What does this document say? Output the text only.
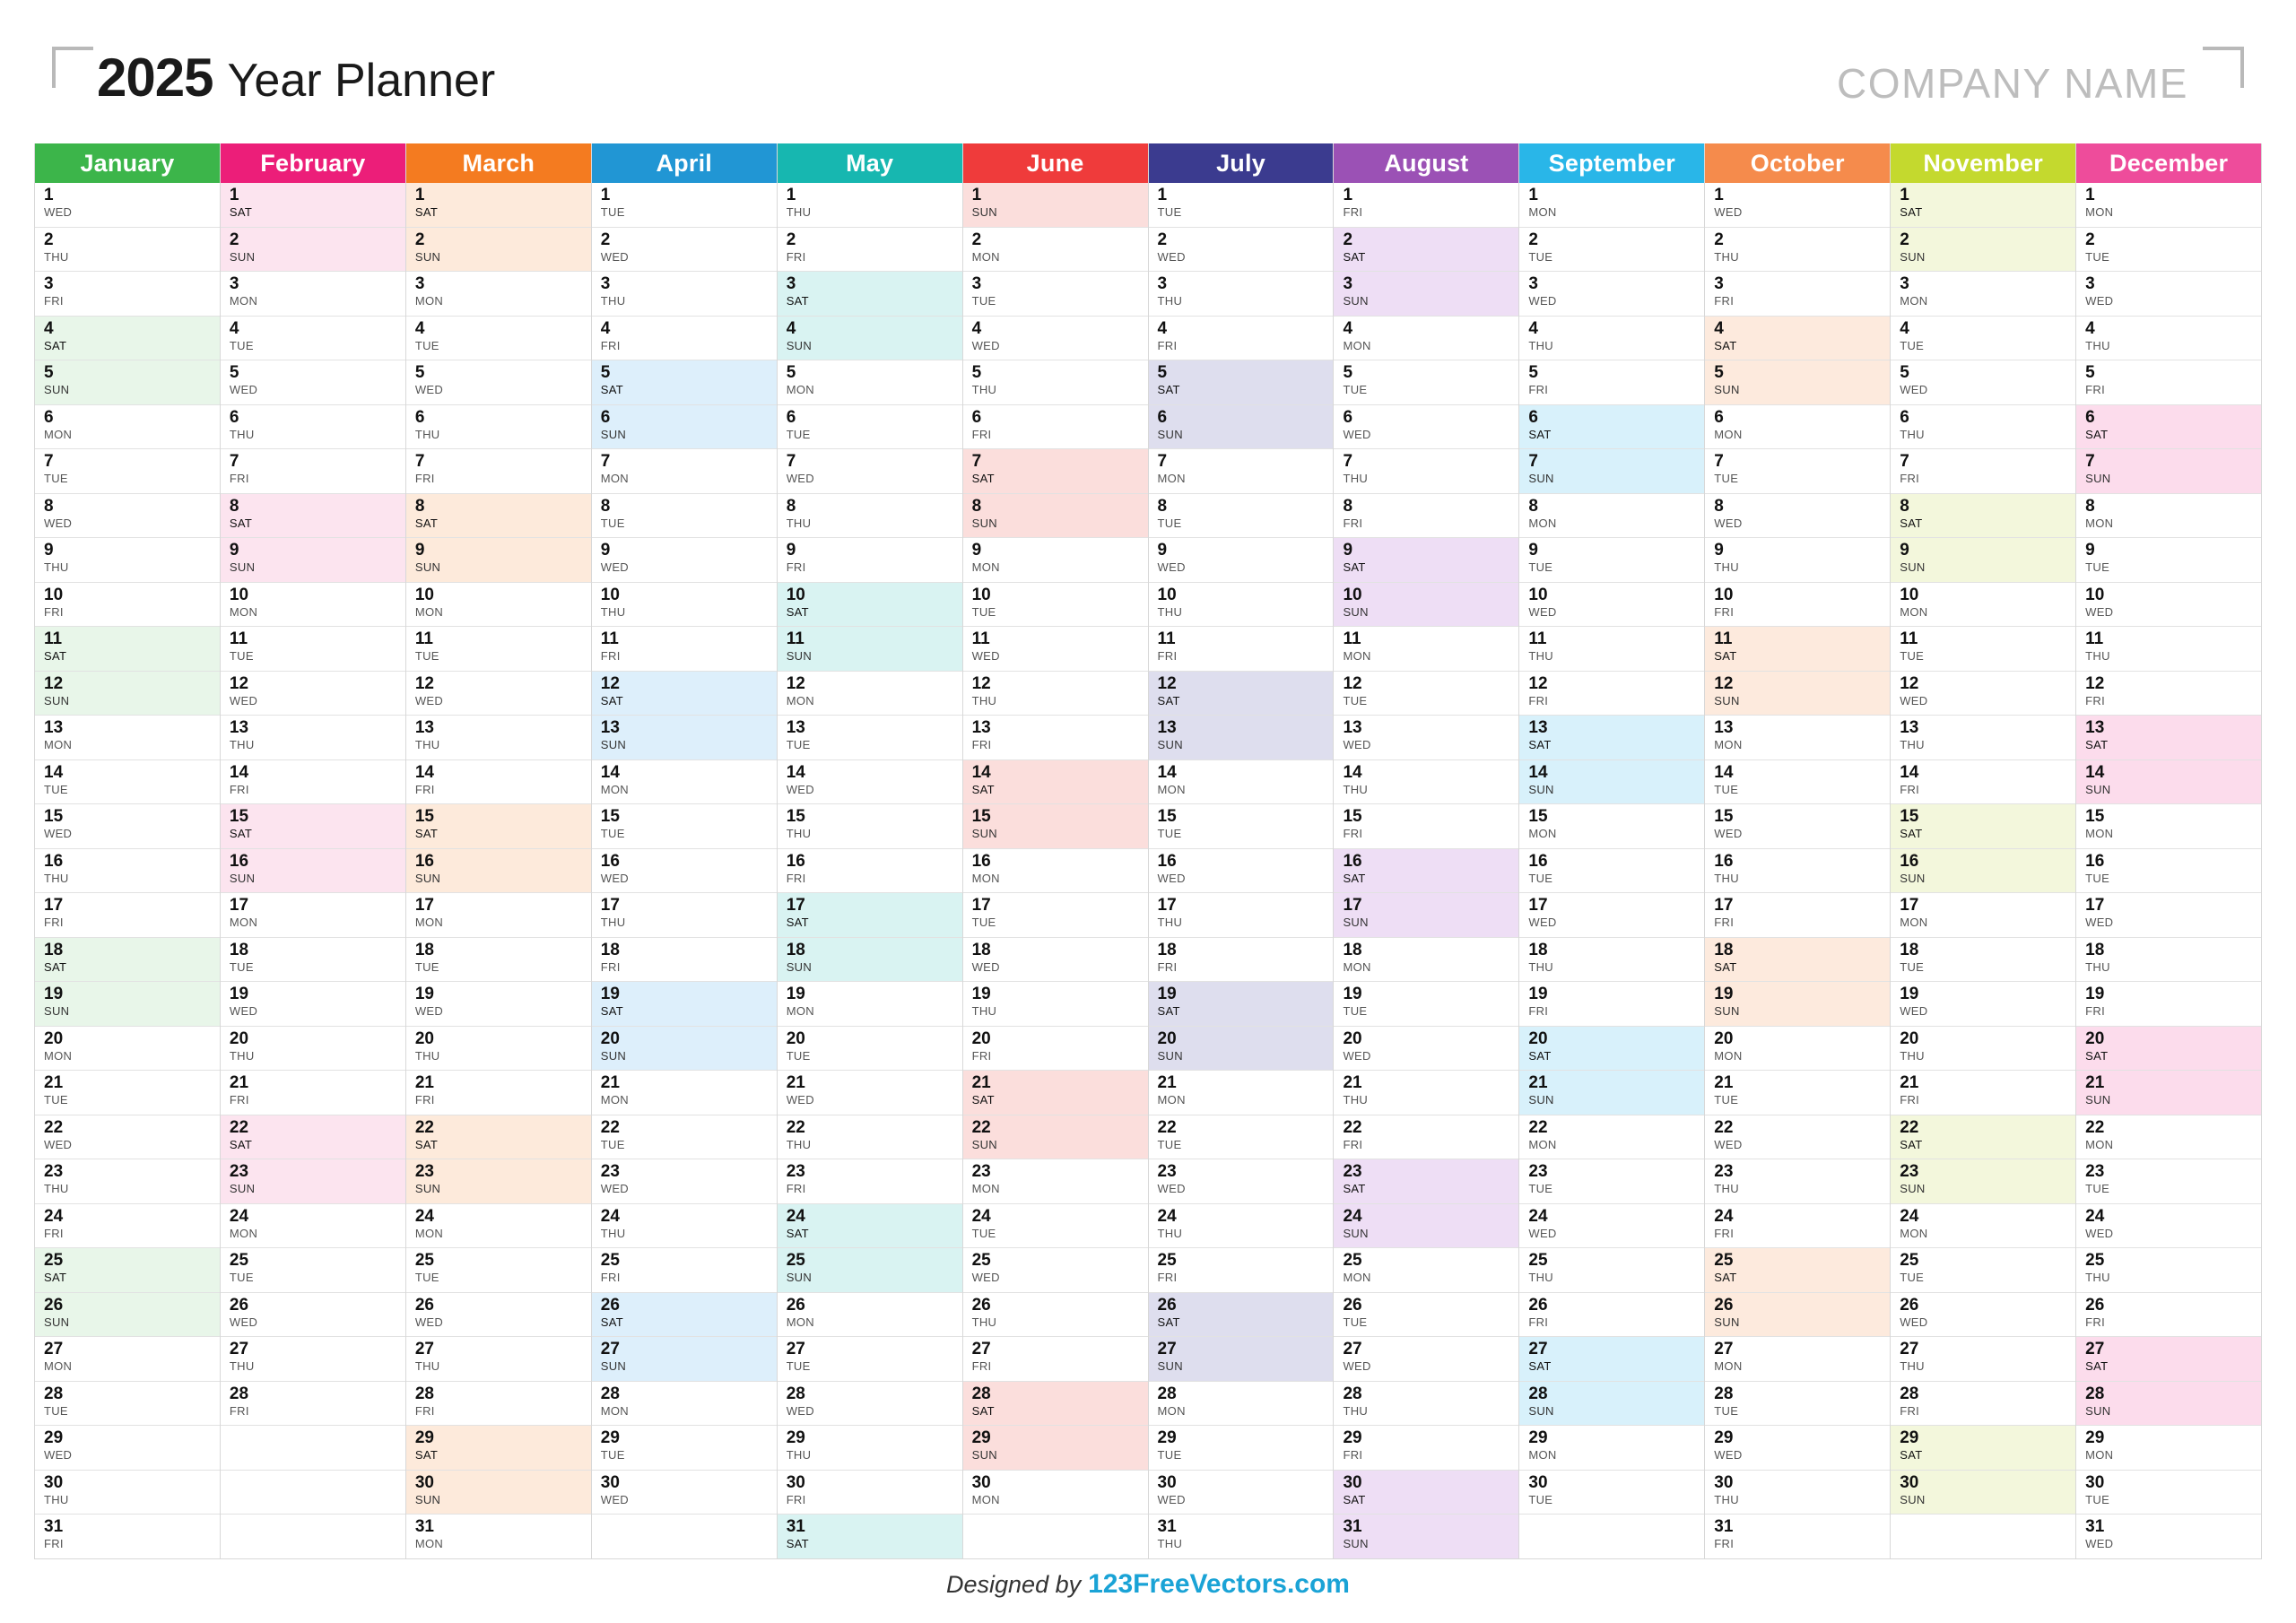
2025 Year Planner	COMPANY NAME
January
1
WED
2
THU
3
FRI
4
SAT
5
SUN
6
MON
7
TUE
8
WED
9
THU
10
FRI
11
SAT
12
SUN
13
MON
14
TUE
15
WED
16
THU
17
FRI
18
SAT
19
SUN
20
MON
21
TUE
22
WED
23
THU
24
FRI
25
SAT
26
SUN
27
MON
28
TUE
29
WED
30
THU
31
FRI
February
1
SAT
2
SUN
3
MON
4
TUE
5
WED
6
THU
7
FRI
8
SAT
9
SUN
10
MON
11
TUE
12
WED
13
THU
14
FRI
15
SAT
16
SUN
17
MON
18
TUE
19
WED
20
THU
21
FRI
22
SAT
23
SUN
24
MON
25
TUE
26
WED
27
THU
28
FRI
March
1
SAT
2
SUN
3
MON
4
TUE
5
WED
6
THU
7
FRI
8
SAT
9
SUN
10
MON
11
TUE
12
WED
13
THU
14
FRI
15
SAT
16
SUN
17
MON
18
TUE
19
WED
20
THU
21
FRI
22
SAT
23
SUN
24
MON
25
TUE
26
WED
27
THU
28
FRI
29
SAT
30
SUN
31
MON
April
1
TUE
2
WED
3
THU
4
FRI
5
SAT
6
SUN
7
MON
8
TUE
9
WED
10
THU
11
FRI
12
SAT
13
SUN
14
MON
15
TUE
16
WED
17
THU
18
FRI
19
SAT
20
SUN
21
MON
22
TUE
23
WED
24
THU
25
FRI
26
SAT
27
SUN
28
MON
29
TUE
30
WED
May
1
THU
2
FRI
3
SAT
4
SUN
5
MON
6
TUE
7
WED
8
THU
9
FRI
10
SAT
11
SUN
12
MON
13
TUE
14
WED
15
THU
16
FRI
17
SAT
18
SUN
19
MON
20
TUE
21
WED
22
THU
23
FRI
24
SAT
25
SUN
26
MON
27
TUE
28
WED
29
THU
30
FRI
31
SAT
June
1
SUN
2
MON
3
TUE
4
WED
5
THU
6
FRI
7
SAT
8
SUN
9
MON
10
TUE
11
WED
12
THU
13
FRI
14
SAT
15
SUN
16
MON
17
TUE
18
WED
19
THU
20
FRI
21
SAT
22
SUN
23
MON
24
TUE
25
WED
26
THU
27
FRI
28
SAT
29
SUN
30
MON
July
1
TUE
2
WED
3
THU
4
FRI
5
SAT
6
SUN
7
MON
8
TUE
9
WED
10
THU
11
FRI
12
SAT
13
SUN
14
MON
15
TUE
16
WED
17
THU
18
FRI
19
SAT
20
SUN
21
MON
22
TUE
23
WED
24
THU
25
FRI
26
SAT
27
SUN
28
MON
29
TUE
30
WED
31
THU
August
1
FRI
2
SAT
3
SUN
4
MON
5
TUE
6
WED
7
THU
8
FRI
9
SAT
10
SUN
11
MON
12
TUE
13
WED
14
THU
15
FRI
16
SAT
17
SUN
18
MON
19
TUE
20
WED
21
THU
22
FRI
23
SAT
24
SUN
25
MON
26
TUE
27
WED
28
THU
29
FRI
30
SAT
31
SUN
September
1
MON
2
TUE
3
WED
4
THU
5
FRI
6
SAT
7
SUN
8
MON
9
TUE
10
WED
11
THU
12
FRI
13
SAT
14
SUN
15
MON
16
TUE
17
WED
18
THU
19
FRI
20
SAT
21
SUN
22
MON
23
TUE
24
WED
25
THU
26
FRI
27
SAT
28
SUN
29
MON
30
TUE
October
1
WED
2
THU
3
FRI
4
SAT
5
SUN
6
MON
7
TUE
8
WED
9
THU
10
FRI
11
SAT
12
SUN
13
MON
14
TUE
15
WED
16
THU
17
FRI
18
SAT
19
SUN
20
MON
21
TUE
22
WED
23
THU
24
FRI
25
SAT
26
SUN
27
MON
28
TUE
29
WED
30
THU
31
FRI
November
1
SAT
2
SUN
3
MON
4
TUE
5
WED
6
THU
7
FRI
8
SAT
9
SUN
10
MON
11
TUE
12
WED
13
THU
14
FRI
15
SAT
16
SUN
17
MON
18
TUE
19
WED
20
THU
21
FRI
22
SAT
23
SUN
24
MON
25
TUE
26
WED
27
THU
28
FRI
29
SAT
30
SUN
December
1
MON
2
TUE
3
WED
4
THU
5
FRI
6
SAT
7
SUN
8
MON
9
TUE
10
WED
11
THU
12
FRI
13
SAT
14
SUN
15
MON
16
TUE
17
WED
18
THU
19
FRI
20
SAT
21
SUN
22
MON
23
TUE
24
WED
25
THU
26
FRI
27
SAT
28
SUN
29
MON
30
TUE
31
WED
Designed by 123FreeVectors.com
